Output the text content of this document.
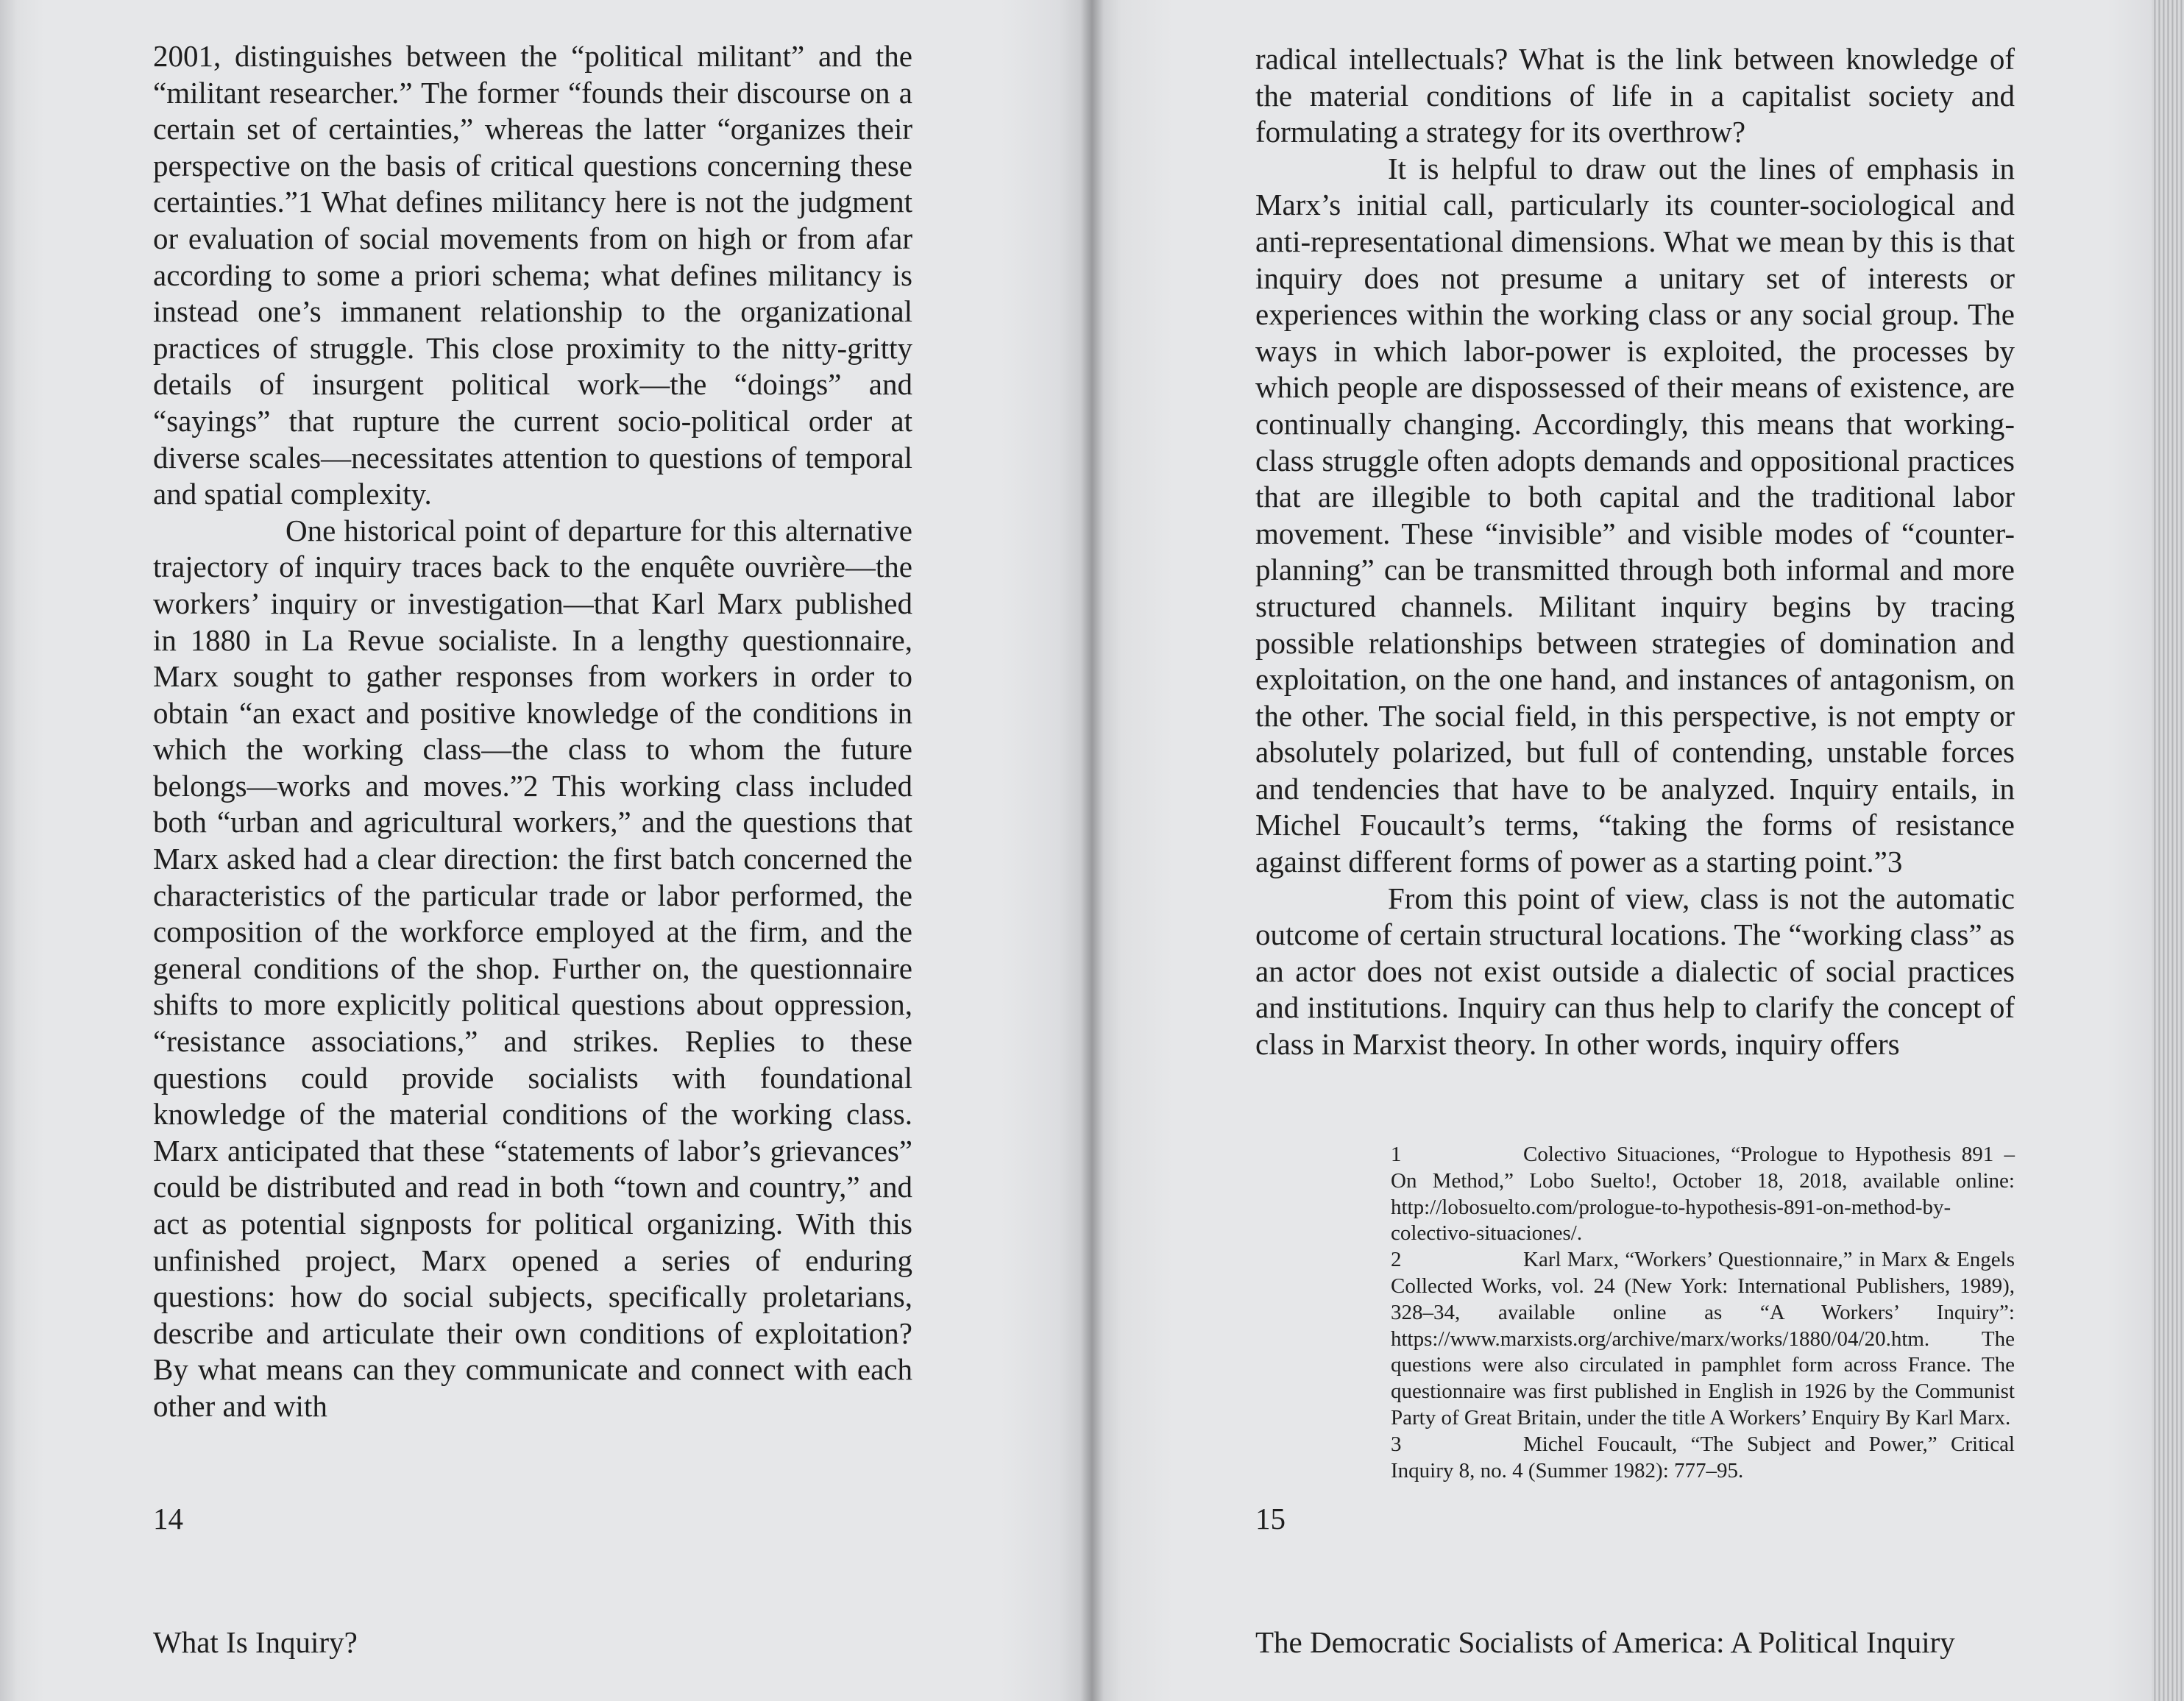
2001, distinguishes between the “political militant” and the “militant researcher.” The former “founds their discourse on a certain set of certainties,” whereas the latter “organizes their perspective on the basis of critical questions concerning these certainties.”1 What defines militancy here is not the judgment or evaluation of social movements from on high or from afar according to some a priori schema; what defines militancy is instead one’s immanent relationship to the organizational practices of struggle. This close proximity to the nitty-gritty details of insurgent political work—the “doings” and “sayings” that rupture the current socio-political order at diverse scales—necessitates attention to questions of temporal and spatial complexity.

One historical point of departure for this alternative trajectory of inquiry traces back to the enquête ouvrière—the workers’ inquiry or investigation—that Karl Marx published in 1880 in La Revue socialiste. In a lengthy questionnaire, Marx sought to gather responses from workers in order to obtain “an exact and positive knowledge of the conditions in which the working class—the class to whom the future belongs—works and moves.”2 This working class included both “urban and agricultural workers,” and the questions that Marx asked had a clear direction: the first batch concerned the characteristics of the particular trade or labor performed, the composition of the workforce employed at the firm, and the general conditions of the shop. Further on, the questionnaire shifts to more explicitly political questions about oppression, “resistance associations,” and strikes. Replies to these questions could provide socialists with foundational knowledge of the material conditions of the working class. Marx anticipated that these “statements of labor’s grievances” could be distributed and read in both “town and country,” and act as potential signposts for political organizing. With this unfinished project, Marx opened a series of enduring questions: how do social subjects, specifically proletarians, describe and articulate their own conditions of exploitation? By what means can they communicate and connect with each other and with

14
What Is Inquiry?

radical intellectuals? What is the link between knowledge of the material conditions of life in a capitalist society and formulating a strategy for its overthrow?

It is helpful to draw out the lines of emphasis in Marx’s initial call, particularly its counter-sociological and anti-representational dimensions. What we mean by this is that inquiry does not presume a unitary set of interests or experiences within the working class or any social group. The ways in which labor-power is exploited, the processes by which people are dispossessed of their means of existence, are continually changing. Accordingly, this means that working-class struggle often adopts demands and oppositional practices that are illegible to both capital and the traditional labor movement. These “invisible” and visible modes of “counter-planning” can be transmitted through both informal and more structured channels. Militant inquiry begins by tracing possible relationships between strategies of domination and exploitation, on the one hand, and instances of antagonism, on the other. The social field, in this perspective, is not empty or absolutely polarized, but full of contending, unstable forces and tendencies that have to be analyzed. Inquiry entails, in Michel Foucault’s terms, “taking the forms of resistance against different forms of power as a starting point.”3

From this point of view, class is not the automatic outcome of certain structural locations. The “working class” as an actor does not exist outside a dialectic of social practices and institutions. Inquiry can thus help to clarify the concept of class in Marxist theory. In other words, inquiry offers

1	Colectivo Situaciones, “Prologue to Hypothesis 891 – On Method,” Lobo Suelto!, October 18, 2018, available online: http://lobosuelto.com/prologue-to-hypothesis-891-on-method-by-colectivo-situaciones/.

2	Karl Marx, “Workers’ Questionnaire,” in Marx & Engels Collected Works, vol. 24 (New York: International Publishers, 1989), 328–34, available online as “A Workers’ Inquiry”: https://www.marxists.org/archive/marx/works/1880/04/20.htm. The questions were also circulated in pamphlet form across France. The questionnaire was first published in English in 1926 by the Communist Party of Great Britain, under the title A Workers’ Enquiry By Karl Marx.

3	Michel Foucault, “The Subject and Power,” Critical Inquiry 8, no. 4 (Summer 1982): 777–95.

15
The Democratic Socialists of America: A Political Inquiry
